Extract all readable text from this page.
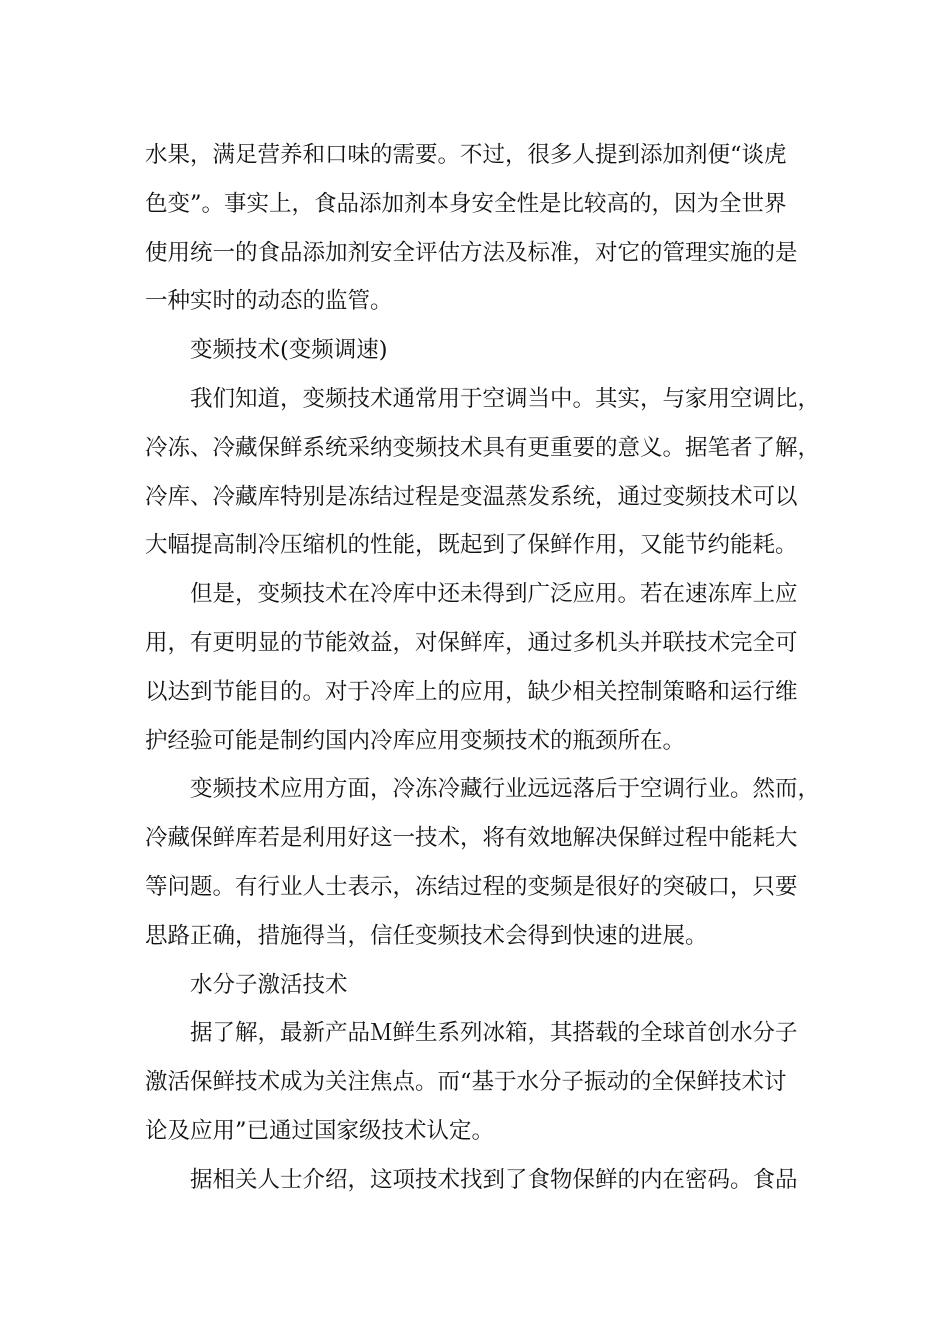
水果，满足营养和口味的需要。不过，很多人提到添加剂便“谈虎
色变”。事实上，食品添加剂本身安全性是比较高的，因为全世界
使用统一的食品添加剂安全评估方法及标准，对它的管理实施的是
一种实时的动态的监管。
变频技术(变频调速)
我们知道，变频技术通常用于空调当中。其实，与家用空调比，
冷冻、冷藏保鲜系统采纳变频技术具有更重要的意义。据笔者了解，
冷库、冷藏库特别是冻结过程是变温蒸发系统，通过变频技术可以
大幅提高制冷压缩机的性能，既起到了保鲜作用，又能节约能耗。
但是，变频技术在冷库中还未得到广泛应用。若在速冻库上应
用，有更明显的节能效益，对保鲜库，通过多机头并联技术完全可
以达到节能目的。对于冷库上的应用，缺少相关控制策略和运行维
护经验可能是制约国内冷库应用变频技术的瓶颈所在。
变频技术应用方面，冷冻冷藏行业远远落后于空调行业。然而，
冷藏保鲜库若是利用好这一技术，将有效地解决保鲜过程中能耗大
等问题。有行业人士表示，冻结过程的变频是很好的突破口，只要
思路正确，措施得当，信任变频技术会得到快速的进展。
水分子激活技术
据了解，最新产品Ｍ鲜生系列冰箱，其搭载的全球首创水分子
激活保鲜技术成为关注焦点。而“基于水分子振动的全保鲜技术讨
论及应用”已通过国家级技术认定。
据相关人士介绍，这项技术找到了食物保鲜的内在密码。食品
